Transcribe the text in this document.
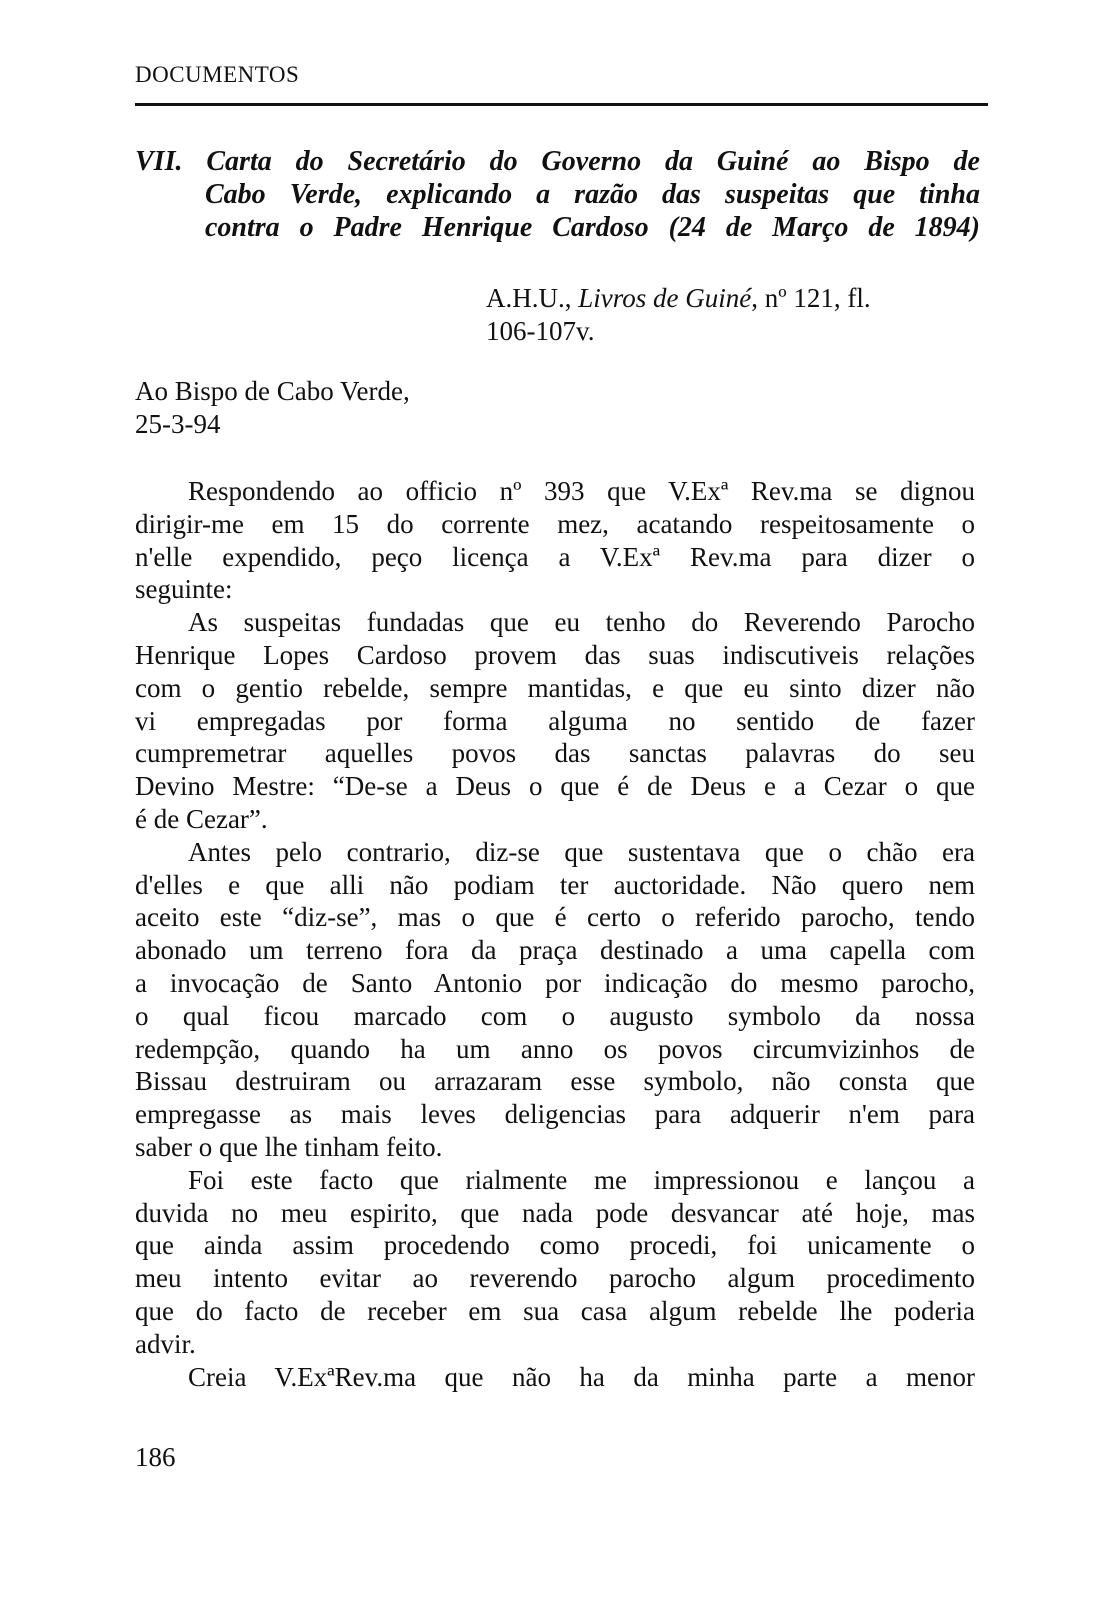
DOCUMENTOS
VII. Carta do Secretário do Governo da Guiné ao Bispo de
Cabo Verde, explicando a razão das suspeitas que tinha
contra o Padre Henrique Cardoso (24 de Março de 1894)
A.H.U., Livros de Guiné, nº 121, fl.
106-107v.
Ao Bispo de Cabo Verde,
25-3-94
Respondendo ao officio nº 393 que V.Exª Rev.ma se dignou
dirigir-me em 15 do corrente mez, acatando respeitosamente o
n'elle expendido, peço licença a V.Exª Rev.ma para dizer o
seguinte:
As suspeitas fundadas que eu tenho do Reverendo Parocho
Henrique Lopes Cardoso provem das suas indiscutiveis relações
com o gentio rebelde, sempre mantidas, e que eu sinto dizer não
vi empregadas por forma alguma no sentido de fazer
cumpremetrar aquelles povos das sanctas palavras do seu
Devino Mestre: “De-se a Deus o que é de Deus e a Cezar o que
é de Cezar”.
Antes pelo contrario, diz-se que sustentava que o chão era
d'elles e que alli não podiam ter auctoridade. Não quero nem
aceito este “diz-se”, mas o que é certo o referido parocho, tendo
abonado um terreno fora da praça destinado a uma capella com
a invocação de Santo Antonio por indicação do mesmo parocho,
o qual ficou marcado com o augusto symbolo da nossa
redempção, quando ha um anno os povos circumvizinhos de
Bissau destruiram ou arrazaram esse symbolo, não consta que
empregasse as mais leves deligencias para adquerir n'em para
saber o que lhe tinham feito.
Foi este facto que rialmente me impressionou e lançou a
duvida no meu espirito, que nada pode desvancar até hoje, mas
que ainda assim procedendo como procedi, foi unicamente o
meu intento evitar ao reverendo parocho algum procedimento
que do facto de receber em sua casa algum rebelde lhe poderia
advir.
Creia V.ExªRev.ma que não ha da minha parte a menor
186
